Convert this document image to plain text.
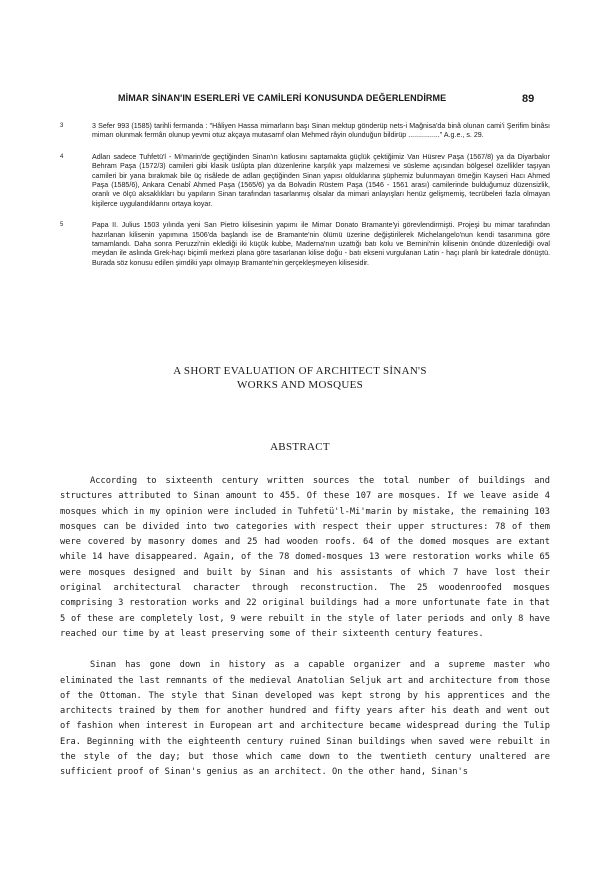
MİMAR SİNAN'IN ESERLERİ VE CAMİLERİ KONUSUNDA DEĞERLENDİRME	89
3	3 Sefer 993 (1585) tarihli fermanda : "Hâliyen Hassa mimarların başı Sinan mektup gönderüp nets-i Mağnisa'da binâ olunan cami'i Şerifim binâsı mimarı olunmak fermân olunup yevmi otuz akçaya mutasarrıf olan Mehmed râyin olunduğun bildirüp ................" A.g.e., s. 29.
4	Adları sadece Tuhfetü'l - Mi'marin'de geçtiğinden Sinan'ın katkısını saptamakta güçlük çektiğimiz Van Hüsrev Paşa (1567/8) ya da Diyarbakır Behram Paşa (1572/3) camileri gibi klasik üslûpta plan düzenlerine karşılık yapı malzemesi ve süsleme açısından bölgesel özellikler taşıyan camileri bir yana bırakmak bile üç risâlede de adları geçtiğinden Sinan yapısı olduklarına şüphemiz bulunmayan örneğin Kayseri Hacı Ahmed Paşa (1585/6), Ankara Cenabî Ahmed Paşa (1565/6) ya da Bolvadin Rüstem Paşa (1546 - 1561 arası) camilerinde bulduğumuz düzensizlik, oranlı ve ölçü aksaklıkları bu yapıların Sinan tarafından tasarlanmış olsalar da mimari anlayışları henüz gelişmemiş, tecrübeleri fazla olmayan kişilerce uygulandıklarını ortaya koyar.
5	Papa II. Julius 1503 yılında yeni San Pietro kilisesinin yapımı ile Mimar Donato Bramante'yi görevlendirmişti. Projeşi bu mimar tarafından hazırlanan kilisenin yapımına 1506'da başlandı ise de Bramante'nin ölümü üzerine değiştirilerek Michelangelo'nun kendi tasarımına göre tamamlandı. Daha sonra Peruzzi'nin eklediği iki küçük kubbe, Maderna'nın uzattığı batı kolu ve Bernini'nin kilisenin önünde düzenlediği oval meydan ile aslında Grek-haçı biçimli merkezi plana göre tasarlanan kilise doğu - batı ekseni vurgulanan Latin - haçı planlı bir katedrale dönüştü. Burada söz konusu edilen şimdiki yapı olmayıp Bramante'nin gerçekleşmeyen kilisesidir.
A SHORT EVALUATION OF ARCHITECT SİNAN'S
WORKS AND MOSQUES
ABSTRACT

According to sixteenth century written sources the total number of buildings and structures attributed to Sinan amount to 455. Of these 107 are mosques. If we leave aside 4 mosques which in my opinion were included in Tuhfetü'l-Mi'marin by mistake, the remaining 103 mosques can be divided into two categories with respect their upper structures: 78 of them were covered by masonry domes and 25 had wooden roofs. 64 of the domed mosques are extant while 14 have disappeared. Again, of the 78 domed-mosques 13 were restoration works while 65 were mosques designed and built by Sinan and his assistants of which 7 have lost their original architectural character through reconstruction. The 25 woodenroofed mosques comprising 3 restoration works and 22 original buildings had a more unfortunate fate in that 5 of these are completely lost, 9 were rebuilt in the style of later periods and only 8 have reached our time by at least preserving some of their sixteenth century features.

Sinan has gone down in history as a capable organizer and a supreme master who eliminated the last remnants of the medieval Anatolian Seljuk art and architecture from those of the Ottoman. The style that Sinan developed was kept strong by his apprentices and the architects trained by them for another hundred and fifty years after his death and went out of fashion when interest in European art and architecture became widespread during the Tulip Era. Beginning with the eighteenth century ruined Sinan buildings when saved were rebuilt in the style of the day; but those which came down to the twentieth century unaltered are sufficient proof of Sinan's genius as an architect. On the other hand, Sinan's
